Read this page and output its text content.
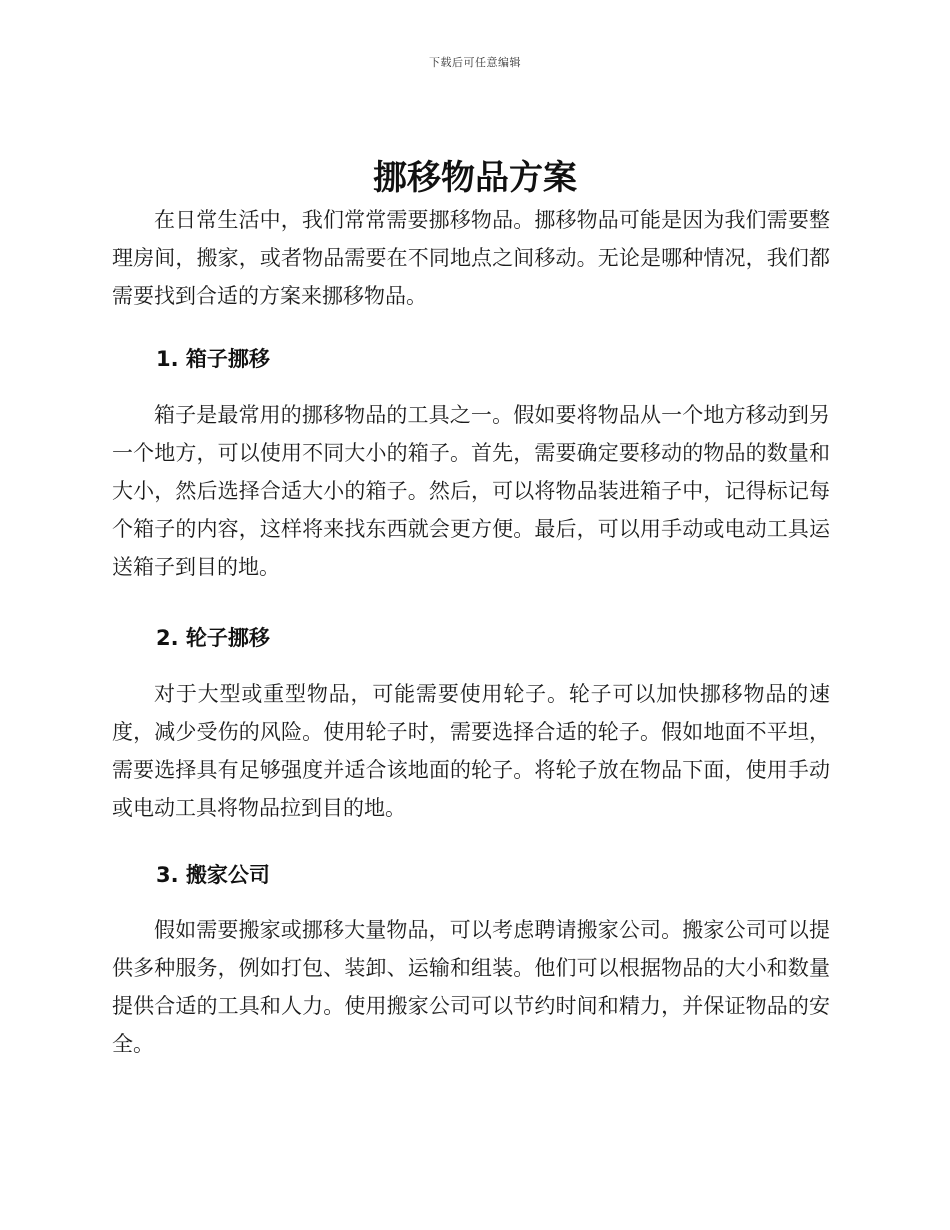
下载后可任意编辑
挪移物品方案

在日常生活中，我们常常需要挪移物品。挪移物品可能是因为我们需要整理房间，搬家，或者物品需要在不同地点之间移动。无论是哪种情况，我们都需要找到合适的方案来挪移物品。

1. 箱子挪移

箱子是最常用的挪移物品的工具之一。假如要将物品从一个地方移动到另一个地方，可以使用不同大小的箱子。首先，需要确定要移动的物品的数量和大小，然后选择合适大小的箱子。然后，可以将物品装进箱子中，记得标记每个箱子的内容，这样将来找东西就会更方便。最后，可以用手动或电动工具运送箱子到目的地。

2. 轮子挪移

对于大型或重型物品，可能需要使用轮子。轮子可以加快挪移物品的速度，减少受伤的风险。使用轮子时，需要选择合适的轮子。假如地面不平坦，需要选择具有足够强度并适合该地面的轮子。将轮子放在物品下面，使用手动或电动工具将物品拉到目的地。

3. 搬家公司

假如需要搬家或挪移大量物品，可以考虑聘请搬家公司。搬家公司可以提供多种服务，例如打包、装卸、运输和组装。他们可以根据物品的大小和数量提供合适的工具和人力。使用搬家公司可以节约时间和精力，并保证物品的安全。
